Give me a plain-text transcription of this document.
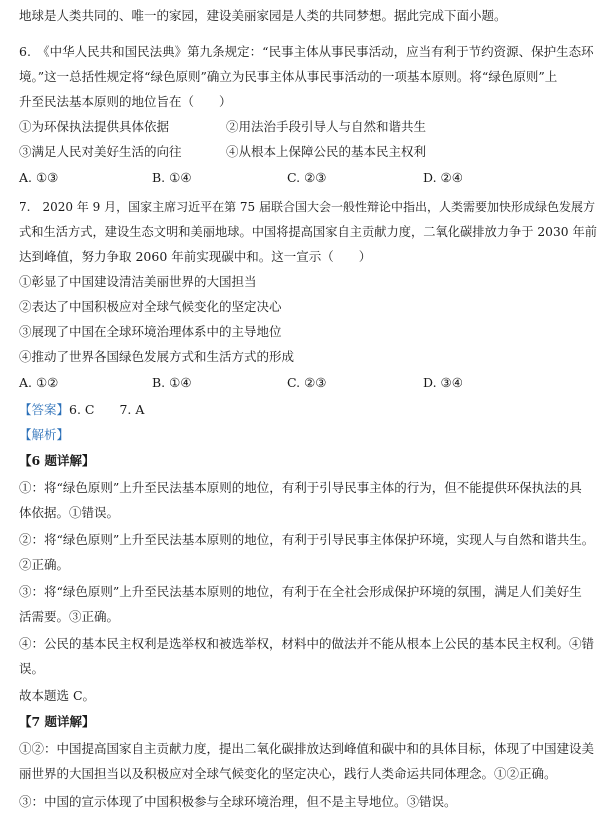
地球是人类共同的、唯一的家园，建设美丽家园是人类的共同梦想。据此完成下面小题。
6.　《中华人民共和国民法典》第九条规定：“民事主体从事民事活动，应当有利于节约资源、保护生态环
境。”这一总括性规定将“绿色原则”确立为民事主体从事民事活动的一项基本原则。将“绿色原则”上
升至民法基本原则的地位旨在（　　）
①为环保执法提供具体依据	②用法治手段引导人与自然和谐共生
③满足人民对美好生活的向往	④从根本上保障公民的基本民主权利
A. ①③	B. ①④	C. ②③	D. ②④
7.　2020 年 9 月，国家主席习近平在第 75 届联合国大会一般性辩论中指出，人类需要加快形成绿色发展方
式和生活方式，建设生态文明和美丽地球。中国将提高国家自主贡献力度，二氧化碳排放力争于 2030 年前
达到峰值，努力争取 2060 年前实现碳中和。这一宣示（　　）
①彰显了中国建设清洁美丽世界的大国担当
②表达了中国积极应对全球气候变化的坚定决心
③展现了中国在全球环境治理体系中的主导地位
④推动了世界各国绿色发展方式和生活方式的形成
A. ①②	B. ①④	C. ②③	D. ③④
【答案】6. C　　7. A
【解析】
【6 题详解】
①：将“绿色原则”上升至民法基本原则的地位，有利于引导民事主体的行为，但不能提供环保执法的具
体依据。①错误。
②：将“绿色原则”上升至民法基本原则的地位，有利于引导民事主体保护环境，实现人与自然和谐共生。
②正确。
③：将“绿色原则”上升至民法基本原则的地位，有利于在全社会形成保护环境的氛围，满足人们美好生
活需要。③正确。
④：公民的基本民主权利是选举权和被选举权，材料中的做法并不能从根本上公民的基本民主权利。④错
误。
故本题选 C。
【7 题详解】
①②：中国提高国家自主贡献力度，提出二氧化碳排放达到峰值和碳中和的具体目标，体现了中国建设美
丽世界的大国担当以及积极应对全球气候变化的坚定决心，践行人类命运共同体理念。①②正确。
③：中国的宣示体现了中国积极参与全球环境治理，但不是主导地位。③错误。
